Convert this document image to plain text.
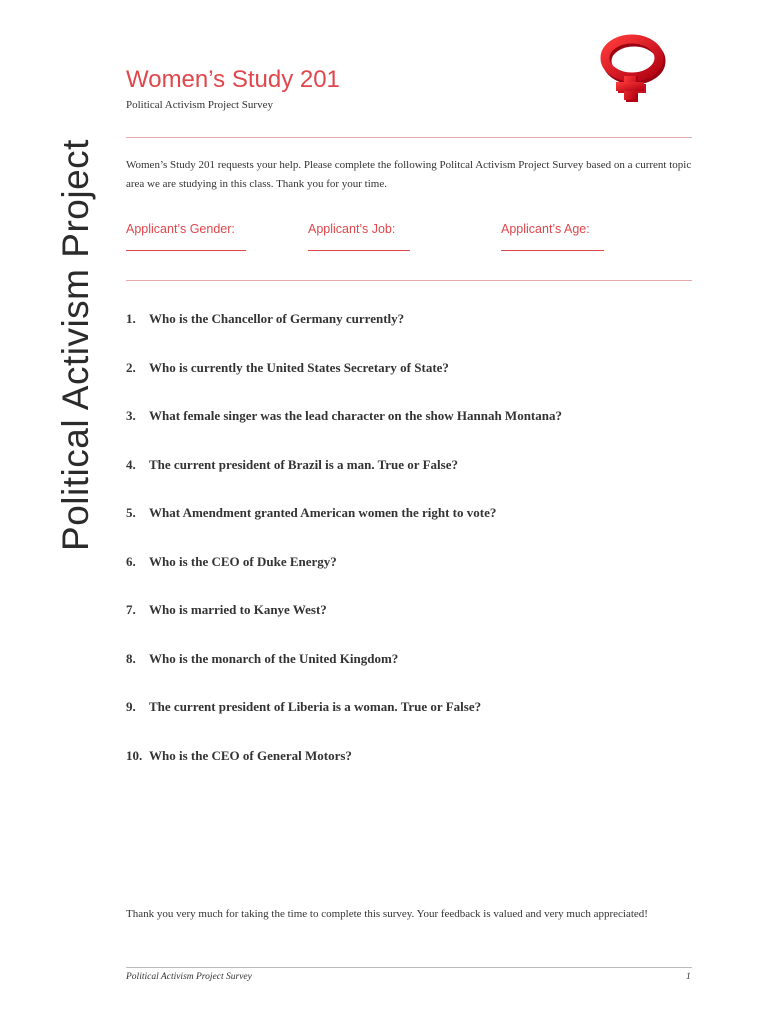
Political Activism Project
Women’s Study 201
Political Activism Project Survey
Women’s Study 201 requests your help. Please complete the following Politcal Activism Project Survey based on a current topic area we are studying in this class. Thank you for your time.
Applicant’s Gender:	Applicant’s Job:	Applicant’s Age:
1.	Who is the Chancellor of Germany currently?
2.	Who is currently the United States Secretary of State?
3.	What female singer was the lead character on the show Hannah Montana?
4.	The current president of Brazil is a man. True or False?
5.	What Amendment granted American women the right to vote?
6.	Who is the CEO of Duke Energy?
7.	Who is married to Kanye West?
8.	Who is the monarch of the United Kingdom?
9.	The current president of Liberia is a woman. True or False?
10. Who is the CEO of General Motors?
Thank you very much for taking the time to complete this survey. Your feedback is valued and very much appreciated!
Political Activism Project Survey	1
